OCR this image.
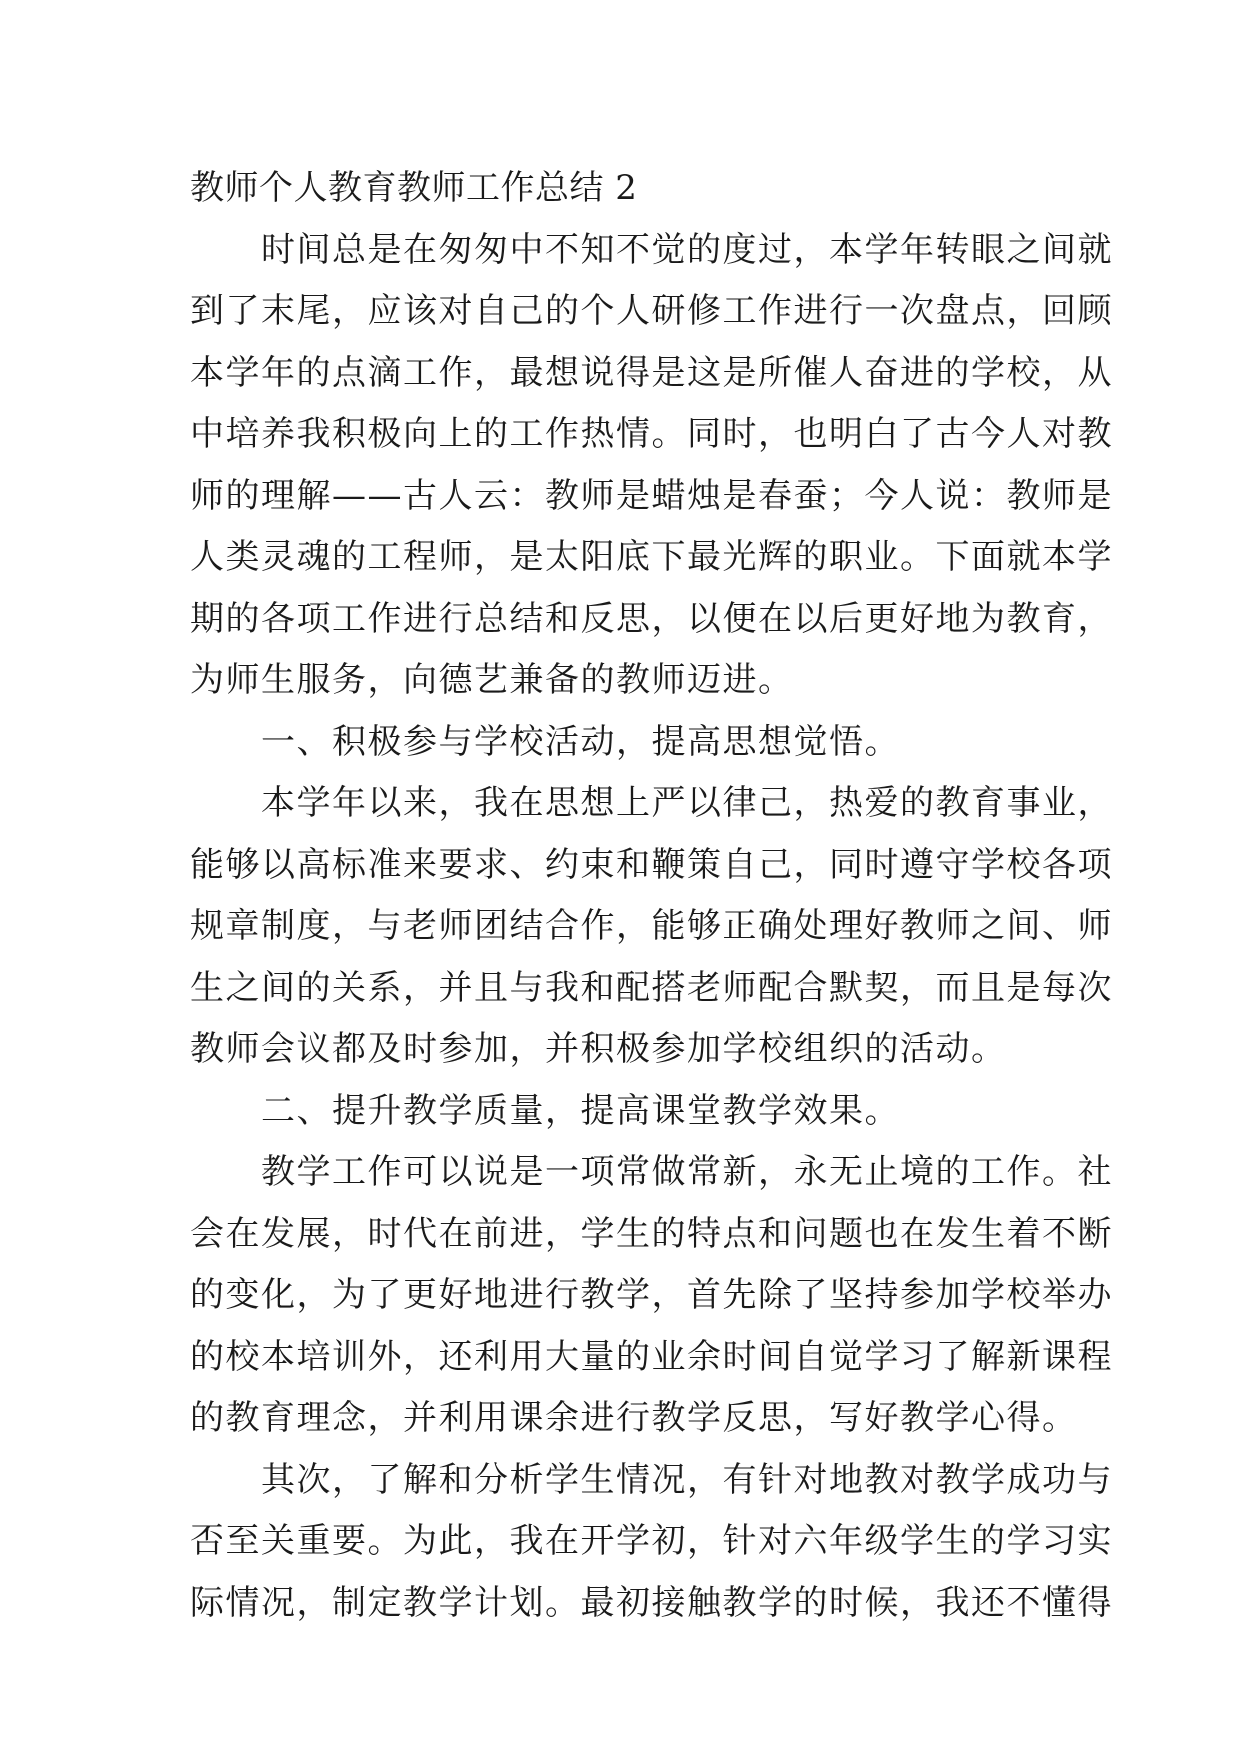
教师个人教育教师工作总结 2
　　时间总是在匆匆中不知不觉的度过，本学年转眼之间就
到了末尾，应该对自己的个人研修工作进行一次盘点，回顾
本学年的点滴工作，最想说得是这是所催人奋进的学校，从
中培养我积极向上的工作热情。同时，也明白了古今人对教
师的理解——古人云：教师是蜡烛是春蚕；今人说：教师是
人类灵魂的工程师，是太阳底下最光辉的职业。下面就本学
期的各项工作进行总结和反思，以便在以后更好地为教育，
为师生服务，向德艺兼备的教师迈进。
　　一、积极参与学校活动，提高思想觉悟。
　　本学年以来，我在思想上严以律己，热爱的教育事业，
能够以高标准来要求、约束和鞭策自己，同时遵守学校各项
规章制度，与老师团结合作，能够正确处理好教师之间、师
生之间的关系，并且与我和配搭老师配合默契，而且是每次
教师会议都及时参加，并积极参加学校组织的活动。
　　二、提升教学质量，提高课堂教学效果。
　　教学工作可以说是一项常做常新，永无止境的工作。社
会在发展，时代在前进，学生的特点和问题也在发生着不断
的变化，为了更好地进行教学，首先除了坚持参加学校举办
的校本培训外，还利用大量的业余时间自觉学习了解新课程
的教育理念，并利用课余进行教学反思，写好教学心得。
　　其次，了解和分析学生情况，有针对地教对教学成功与
否至关重要。为此，我在开学初，针对六年级学生的学习实
际情况，制定教学计划。最初接触教学的时候，我还不懂得
